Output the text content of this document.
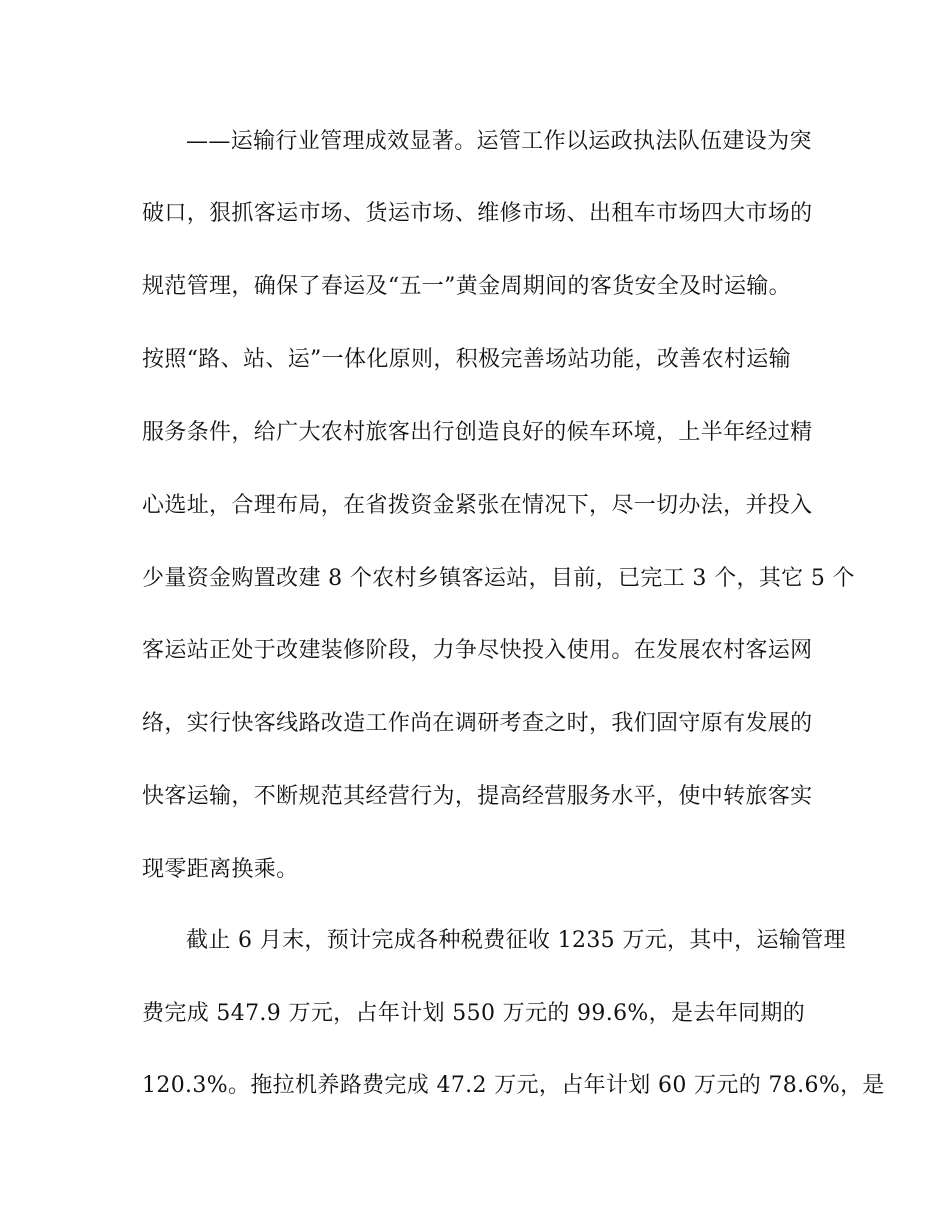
——运输行业管理成效显著。运管工作以运政执法队伍建设为突
破口，狠抓客运市场、货运市场、维修市场、出租车市场四大市场的
规范管理，确保了春运及“五一”黄金周期间的客货安全及时运输。
按照“路、站、运”一体化原则，积极完善场站功能，改善农村运输
服务条件，给广大农村旅客出行创造良好的候车环境，上半年经过精
心选址，合理布局，在省拨资金紧张在情况下，尽一切办法，并投入
少量资金购置改建 8 个农村乡镇客运站，目前，已完工 3 个，其它 5 个
客运站正处于改建装修阶段，力争尽快投入使用。在发展农村客运网
络，实行快客线路改造工作尚在调研考查之时，我们固守原有发展的
快客运输，不断规范其经营行为，提高经营服务水平，使中转旅客实
现零距离换乘。
截止 6 月末，预计完成各种税费征收 1235 万元，其中，运输管理
费完成 547.9 万元，占年计划 550 万元的 99.6%，是去年同期的
120.3%。拖拉机养路费完成 47.2 万元，占年计划 60 万元的 78.6%，是
